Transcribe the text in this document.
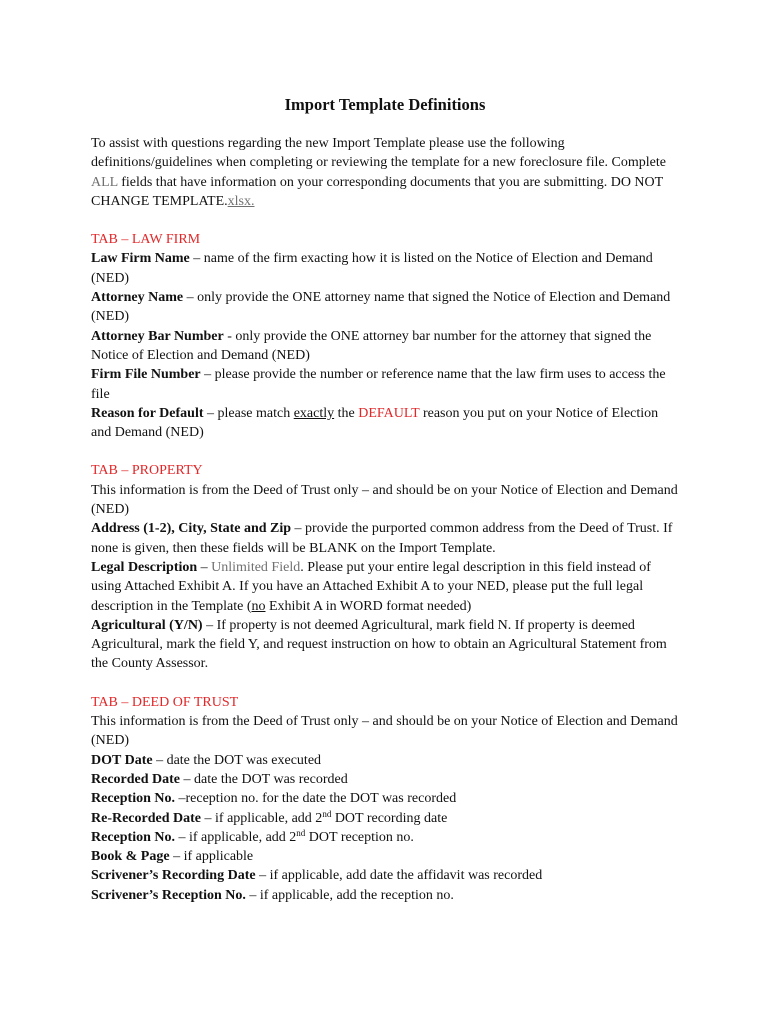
Import Template Definitions

To assist with questions regarding the new Import Template please use the following definitions/guidelines when completing or reviewing the template for a new foreclosure file. Complete ALL fields that have information on your corresponding documents that you are submitting. DO NOT CHANGE TEMPLATE.xlsx.

TAB – LAW FIRM

Law Firm Name – name of the firm exacting how it is listed on the Notice of Election and Demand (NED)

Attorney Name – only provide the ONE attorney name that signed the Notice of Election and Demand (NED)

Attorney Bar Number - only provide the ONE attorney bar number for the attorney that signed the Notice of Election and Demand (NED)

Firm File Number – please provide the number or reference name that the law firm uses to access the file

Reason for Default – please match exactly the DEFAULT reason you put on your Notice of Election and Demand (NED)

TAB – PROPERTY

This information is from the Deed of Trust only – and should be on your Notice of Election and Demand (NED)

Address (1-2), City, State and Zip – provide the purported common address from the Deed of Trust. If none is given, then these fields will be BLANK on the Import Template.

Legal Description – Unlimited Field. Please put your entire legal description in this field instead of using Attached Exhibit A. If you have an Attached Exhibit A to your NED, please put the full legal description in the Template (no Exhibit A in WORD format needed)

Agricultural (Y/N) – If property is not deemed Agricultural, mark field N. If property is deemed Agricultural, mark the field Y, and request instruction on how to obtain an Agricultural Statement from the County Assessor.

TAB – DEED OF TRUST

This information is from the Deed of Trust only – and should be on your Notice of Election and Demand (NED)

DOT Date – date the DOT was executed

Recorded Date – date the DOT was recorded

Reception No. –reception no. for the date the DOT was recorded

Re-Recorded Date – if applicable, add 2nd DOT recording date

Reception No. – if applicable, add 2nd DOT reception no.

Book & Page – if applicable

Scrivener’s Recording Date – if applicable, add date the affidavit was recorded

Scrivener’s Reception No. – if applicable, add the reception no.
